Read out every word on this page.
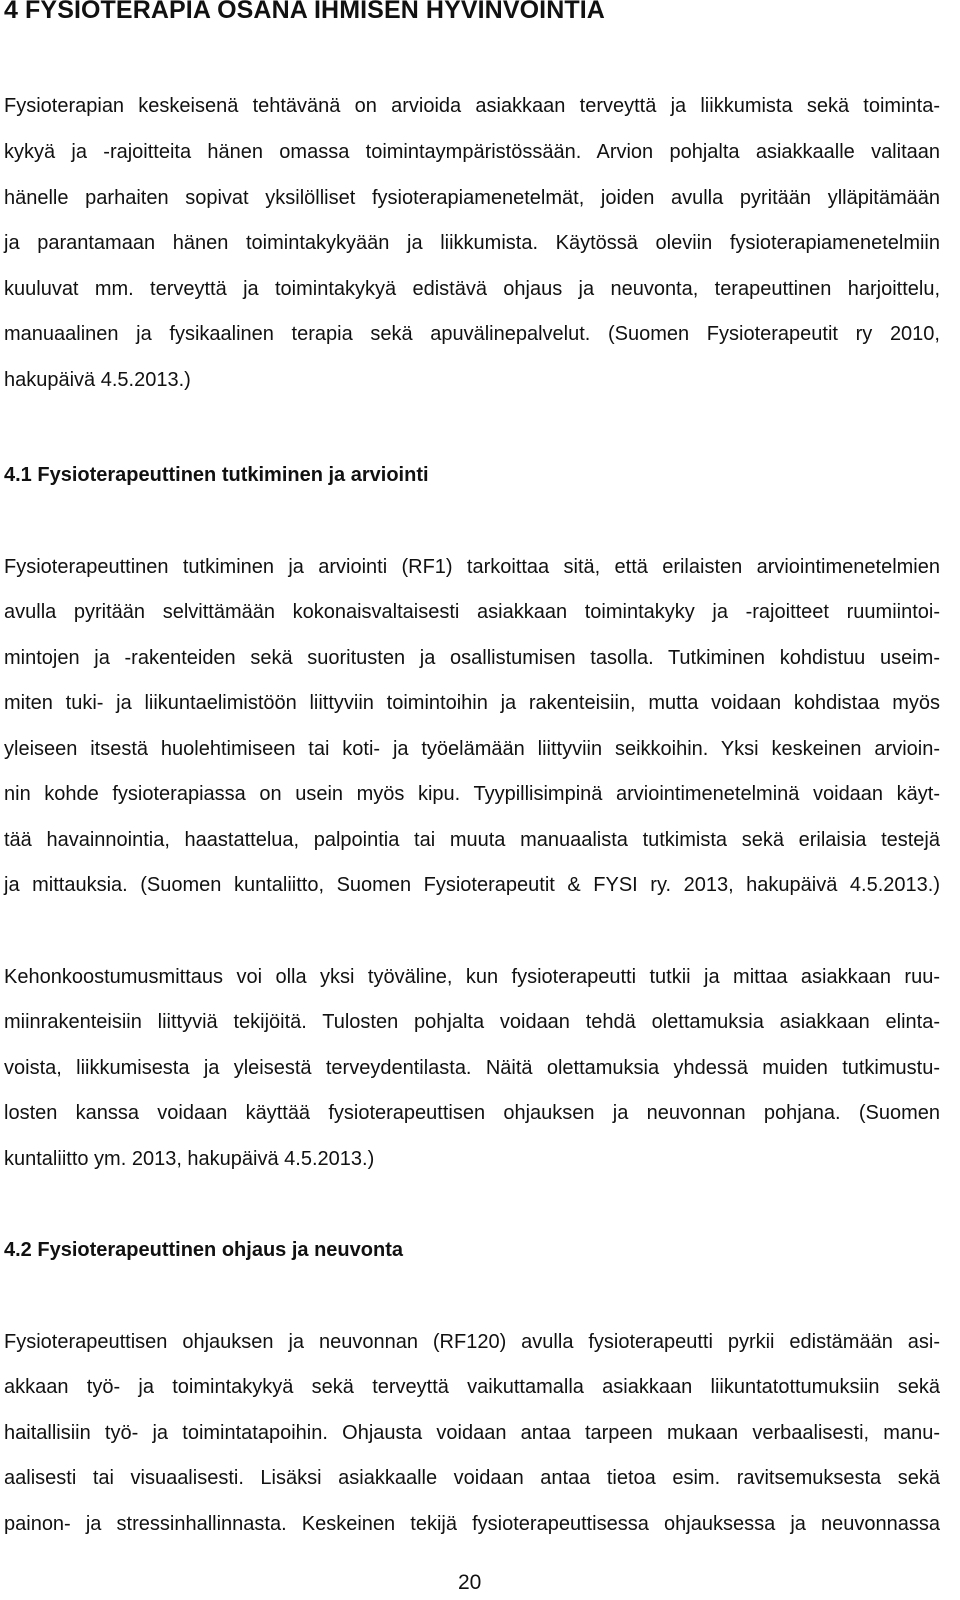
4 FYSIOTERAPIA OSANA IHMISEN HYVINVOINTIA
Fysioterapian keskeisenä tehtävänä on arvioida asiakkaan terveyttä ja liikkumista sekä toiminta-
kykyä ja -rajoitteita hänen omassa toimintaympäristössään. Arvion pohjalta asiakkaalle valitaan
hänelle parhaiten sopivat yksilölliset fysioterapiamenetelmät, joiden avulla pyritään ylläpitämään
ja parantamaan hänen toimintakykyään ja liikkumista. Käytössä oleviin fysioterapiamenetelmiin
kuuluvat mm. terveyttä ja toimintakykyä edistävä ohjaus ja neuvonta, terapeuttinen harjoittelu,
manuaalinen ja fysikaalinen terapia sekä apuvälinepalvelut. (Suomen Fysioterapeutit ry 2010,
hakupäivä 4.5.2013.)
4.1 Fysioterapeuttinen tutkiminen ja arviointi
Fysioterapeuttinen tutkiminen ja arviointi (RF1) tarkoittaa sitä, että erilaisten arviointimenetelmien
avulla pyritään selvittämään kokonaisvaltaisesti asiakkaan toimintakyky ja -rajoitteet ruumiintoi-
mintojen ja -rakenteiden sekä suoritusten ja osallistumisen tasolla. Tutkiminen kohdistuu useim-
miten tuki- ja liikuntaelimistöön liittyviin toimintoihin ja rakenteisiin, mutta voidaan kohdistaa myös
yleiseen itsestä huolehtimiseen tai koti- ja työelämään liittyviin seikkoihin. Yksi keskeinen arvioin-
nin kohde fysioterapiassa on usein myös kipu. Tyypillisimpinä arviointimenetelminä voidaan käyt-
tää havainnointia, haastattelua, palpointia tai muuta manuaalista tutkimista sekä erilaisia testejä
ja mittauksia. (Suomen kuntaliitto, Suomen Fysioterapeutit & FYSI ry. 2013, hakupäivä 4.5.2013.)
Kehonkoostumusmittaus voi olla yksi työväline, kun fysioterapeutti tutkii ja mittaa asiakkaan ruu-
miinrakenteisiin liittyviä tekijöitä. Tulosten pohjalta voidaan tehdä olettamuksia asiakkaan elinta-
voista, liikkumisesta ja yleisestä terveydentilasta. Näitä olettamuksia yhdessä muiden tutkimustu-
losten kanssa voidaan käyttää fysioterapeuttisen ohjauksen ja neuvonnan pohjana. (Suomen
kuntaliitto ym. 2013, hakupäivä 4.5.2013.)
4.2 Fysioterapeuttinen ohjaus ja neuvonta
Fysioterapeuttisen ohjauksen ja neuvonnan (RF120) avulla fysioterapeutti pyrkii edistämään asi-
akkaan työ- ja toimintakykyä sekä terveyttä vaikuttamalla asiakkaan liikuntatottumuksiin sekä
haitallisiin työ- ja toimintatapoihin. Ohjausta voidaan antaa tarpeen mukaan verbaalisesti, manu-
aalisesti tai visuaalisesti. Lisäksi asiakkaalle voidaan antaa tietoa esim. ravitsemuksesta sekä
painon- ja stressinhallinnasta. Keskeinen tekijä fysioterapeuttisessa ohjauksessa ja neuvonnassa
20
